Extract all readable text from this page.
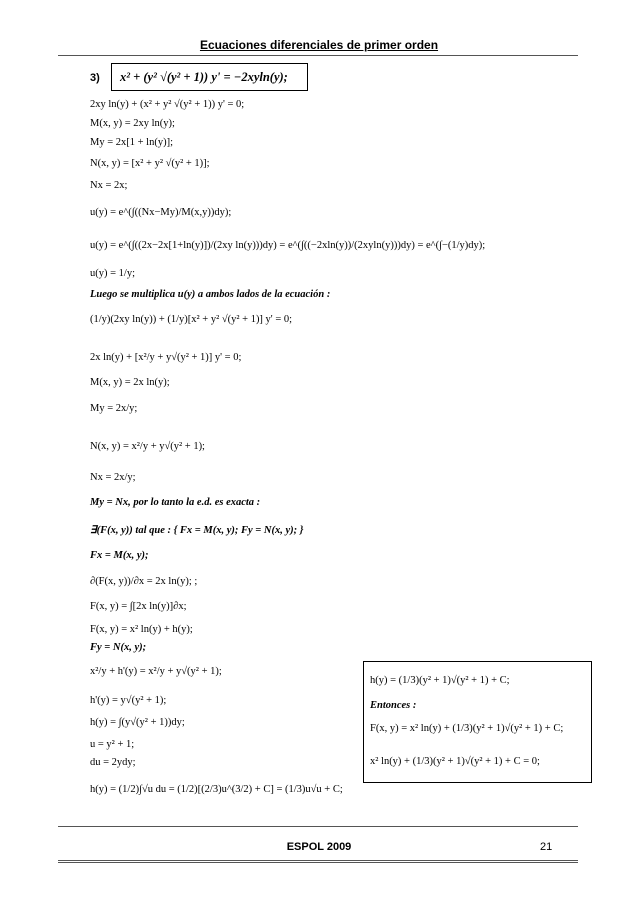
Ecuaciones diferenciales de primer orden
3) x² + (y² √(y² + 1)) y' = −2xyln(y);
2xy ln(y) + (x² + y² √(y² + 1)) y' = 0;
M(x, y) = 2xy ln(y);
My = 2x[1 + ln(y)];
N(x, y) = [x² + y² √(y² + 1)];
Nx = 2x;
u(y) = e^(∫((Nx−My)/M(x,y))dy);
u(y) = e^(∫((2x−2x[1+ln(y)])/(2xy ln(y)))dy) = e^(∫((−2xln(y))/(2xyln(y)))dy) = e^(∫−(1/y)dy);
u(y) = 1/y;
Luego se multiplica u(y) a ambos lados de la ecuación :
(1/y)(2xy ln(y)) + (1/y)[x² + y² √(y² + 1)] y' = 0;
2x ln(y) + [x²/y + y√(y² + 1)] y' = 0;
M(x, y) = 2x ln(y);
My = 2x/y;
N(x, y) = x²/y + y√(y² + 1);
Nx = 2x/y;
My = Nx, por lo tanto la e.d. es exacta :
∃(F(x, y)) tal que : { Fx = M(x, y); Fy = N(x, y); }
Fx = M(x, y);
∂(F(x, y))/∂x = 2x ln(y); ;
F(x, y) = ∫[2x ln(y)]∂x;
F(x, y) = x² ln(y) + h(y);
Fy = N(x, y);
x²/y + h'(y) = x²/y + y√(y² + 1);
h'(y) = y√(y² + 1);
h(y) = ∫(y√(y² + 1))dy;
u = y² + 1;
du = 2ydy;
h(y) = (1/2)∫√u du = (1/2)[(2/3)u^(3/2) + C] = (1/3)u√u + C;
h(y) = (1/3)(y² + 1)√(y² + 1) + C;
Entonces :
F(x, y) = x² ln(y) + (1/3)(y² + 1)√(y² + 1) + C;
x² ln(y) + (1/3)(y² + 1)√(y² + 1) + C = 0;
ESPOL 2009	21
